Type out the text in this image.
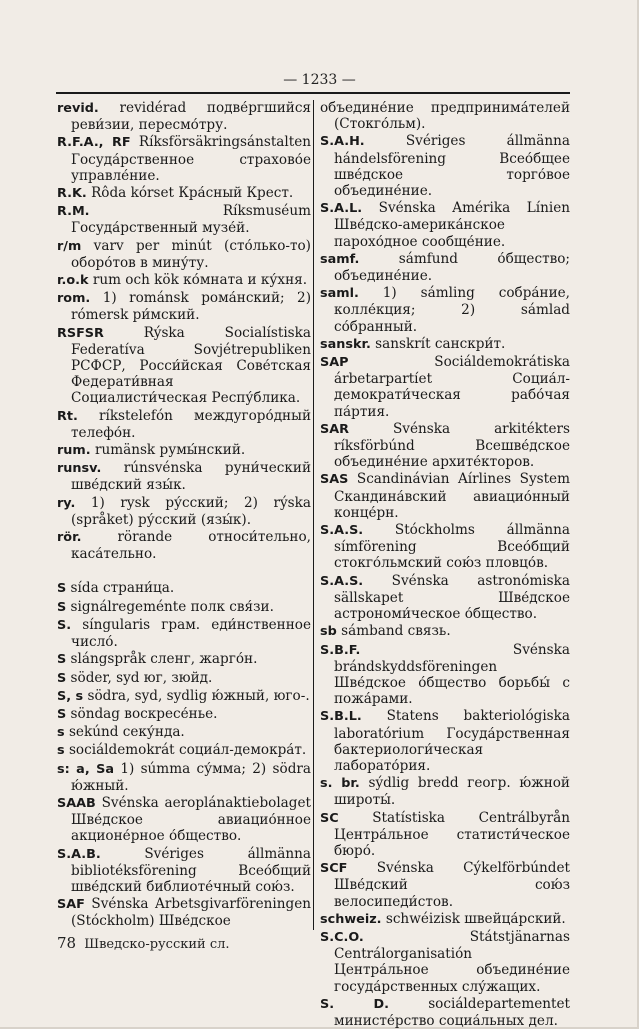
— 1233 —
revid. revidérad подве́ргшийся реви́зии, пересмо́тру.
R.F.A., RF Ríksförsäkringsánstalten Госуда́рственное страхово́е управле́ние.
R.K. Rôda kórset Кра́сный Крест.
R.M.	Ríksmuséum Госуда́рственный музе́й.
r/m varv per minút (сто́лько-то) оборо́тов в мину́ту.
r.o.k rum och kök ко́мната и ку́хня.
rom. 1) románsk рома́нский; 2) rómersk ри́мский.
RSFSR	Rýska Socialístiska Federatíva Sovjétrepubliken РСФСР, Росси́йская Сове́тская Федерати́вная Социалисти́ческая Респу́блика.
Rt. ríkstelefón междугоро́дный телефо́н.
rum. rumänsk румы́нский.
runsv. rúnsvénska руни́ческий шве́дский язы́к.
ry. 1) rysk ру́сский; 2) rýska (språket) ру́сский (язы́к).
rör.	rörande относи́тельно, каса́тельно.
S sída страни́ца.
S signálregeménte полк свя́зи.
S. síngularis грам. еди́нственное число́.
S slángspråk сленг, жарго́н.
S söder, syd юг, зюйд.
S, s södra, syd, sydlig ю́жный, юго-.
S söndag воскресе́нье.
s sekúnd секу́нда.
s sociáldemokrát социа́л-демокра́т.
s: a, Sa 1) súmma су́мма; 2) södra ю́жный.
SAAB Svénska aeroplánaktiebolaget Шве́дское авиацио́нное акционе́рное о́бщество.
S.A.B.	Svériges állmänna bibliotéksförening Всео́бщий шве́дский библиоте́чный сою́з.
SAF Svénska Arbetsgivarföreningen (Stóckholm) Шве́дское
объедине́ние предпринима́телей (Стокго́льм).
S.A.H.	Svériges állmänna hándelsförening Всео́бщее шве́дское торго́вое объедине́ние.
S.A.L. Svénska Amérika Línien Шве́дско-америка́нское парохо́дное сообще́ние.
samf.	sámfund о́бщество; объедине́ние.
saml. 1) sámling собра́ние, колле́кция; 2) sámlad со́бранный.
sanskr. sanskrít санскри́т.
SAP	Sociáldemokrátiska árbetarpartíet Социа́л-демократи́ческая рабо́чая па́ртия.
SAR	Svénska arkitékters ríksförbúnd Всешве́дское объедине́ние архите́кторов.
SAS Scandinávian Aírlines System Скандина́вский авиацио́нный конце́рн.
S.A.S. Stóckholms állmänna símförening Всео́бщий стокго́льмский сою́з пловцо́в.
S.A.S. Svénska astronómiska sällskapet Шве́дское астрономи́ческое о́бщество.
sb sámband связь.
S.B.F.	Svénska brándskyddsföreningen Шве́дское о́бщество борьбы́ с пожа́рами.
S.B.L. Statens bakteriológiska laboratórium Госуда́рственная бактериологи́ческая лаборато́рия.
s. br. sýdlig bredd геогр. ю́жной широты́.
SC Statístiska Centrálbyrån Центра́льное статисти́ческое бюро́.
SCF Svénska Cýkelförbúndet Шве́дский сою́з велосипеди́стов.
schweiz. schwéizisk швейца́рский.
S.C.O.	Státstjänarnas Centrálorganisatión Центра́льное объедине́ние госуда́рственных слу́жащих.
S. D.	sociáldepartementet министе́рство социа́льных дел.
78 Шведско-русский сл.
